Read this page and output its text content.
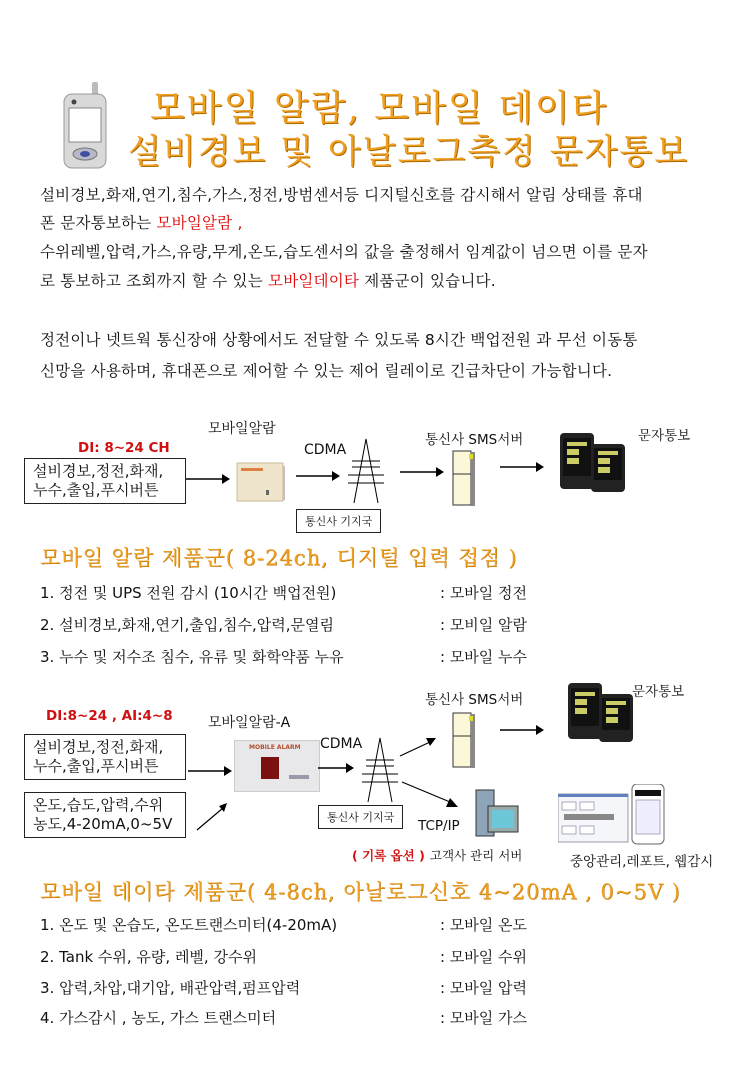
모바일 알람, 모바일 데이타
설비경보 및 아날로그측정 문자통보
설비경보,화재,연기,침수,가스,정전,방범센서등 디지털신호를 감시해서 알림 상태를 휴대
폰 문자통보하는 모바일알람 ,
수위레벨,압력,가스,유량,무게,온도,습도센서의 값을 출정해서 임계값이 넘으면 이를 문자
로 통보하고 조회까지 할 수 있는 모바일데이타 제품군이 있습니다.
정전이나 넷트웍 통신장애 상황에서도 전달할 수 있도록 8시간 백업전원 과 무선 이동통
신망을 사용하며, 휴대폰으로 제어할 수 있는 제어 릴레이로 긴급차단이 가능합니다.
DI: 8~24 CH
설비경보,정전,화재,
누수,출입,푸시버튼
모바일알람
CDMA
통신사 기지국
통신사 SMS서버	문자통보
모바일 알람 제품군( 8-24ch, 디지털 입력 접점 )
1. 정전 및 UPS 전원 감시 (10시간 백업전원)	: 모바일 정전
2. 설비경보,화재,연기,출입,침수,압력,문열림	: 모비일 알람
3. 누수 및 저수조 침수, 유류 및 화학약품 누유	: 모바일 누수
DI:8~24 , AI:4~8
설비경보,정전,화재,
누수,출입,푸시버튼
온도,습도,압력,수위
농도,4-20mA,0~5V
모바일알람-A
MOBILE ALARM CDMA
통신사 기지국
통신사 SMS서버	문자통보
TCP/IP
( 기록 옵션 ) 고객사 관리 서버	중앙관리,레포트, 웹감시
모바일 데이타 제품군( 4-8ch, 아날로그신호 4~20mA , 0~5V )
1. 온도 및 온습도, 온도트랜스미터(4-20mA)	: 모바일 온도
2. Tank 수위, 유량, 레벨, 강수위	: 모바일 수위
3. 압력,차압,대기압, 배관압력,펌프압력	: 모바일 압력
4. 가스감시 , 농도, 가스 트랜스미터	: 모바일 가스
